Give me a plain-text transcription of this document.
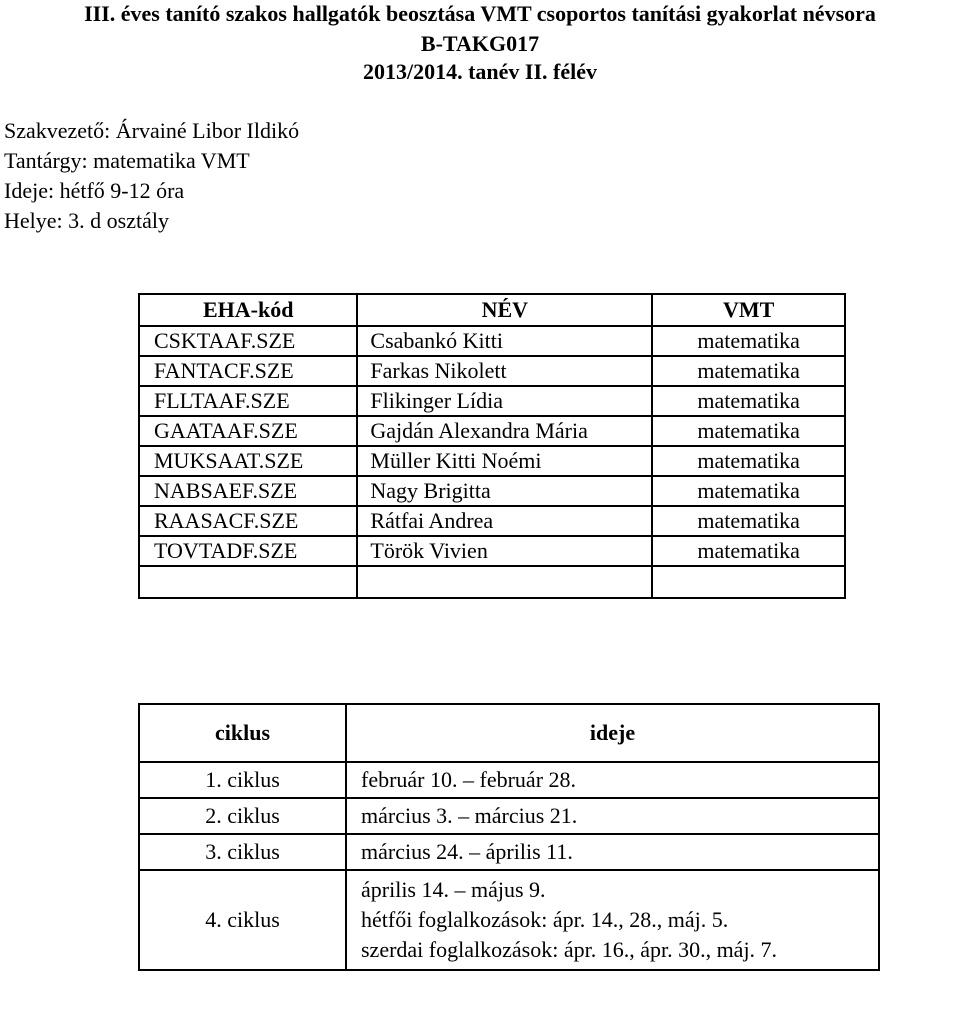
III. éves tanító szakos hallgatók beosztása VMT csoportos tanítási gyakorlat névsora
B-TAKG017
2013/2014. tanév II. félév
Szakvezető: Árvainé Libor Ildikó
Tantárgy: matematika VMT
Ideje: hétfő 9-12 óra
Helye: 3. d osztály
EHA-kód	NÉV	VMT
CSKTAAF.SZE	Csabankó Kitti	matematika
FANTACF.SZE	Farkas Nikolett	matematika
FLLTAAF.SZE	Flikinger Lídia	matematika
GAATAAF.SZE	Gajdán Alexandra Mária	matematika
MUKSAAT.SZE	Müller Kitti Noémi	matematika
NABSAEF.SZE	Nagy Brigitta	matematika
RAASACF.SZE	Rátfai Andrea	matematika
TOVTADF.SZE	Török Vivien	matematika

ciklus	ideje
1. ciklus	február 10. – február 28.
2. ciklus	március 3. – március 21.
3. ciklus	március 24. – április 11.
4. ciklus	április 14. – május 9.
hétfői foglalkozások: ápr. 14., 28., máj. 5.
szerdai foglalkozások: ápr. 16., ápr. 30., máj. 7.
